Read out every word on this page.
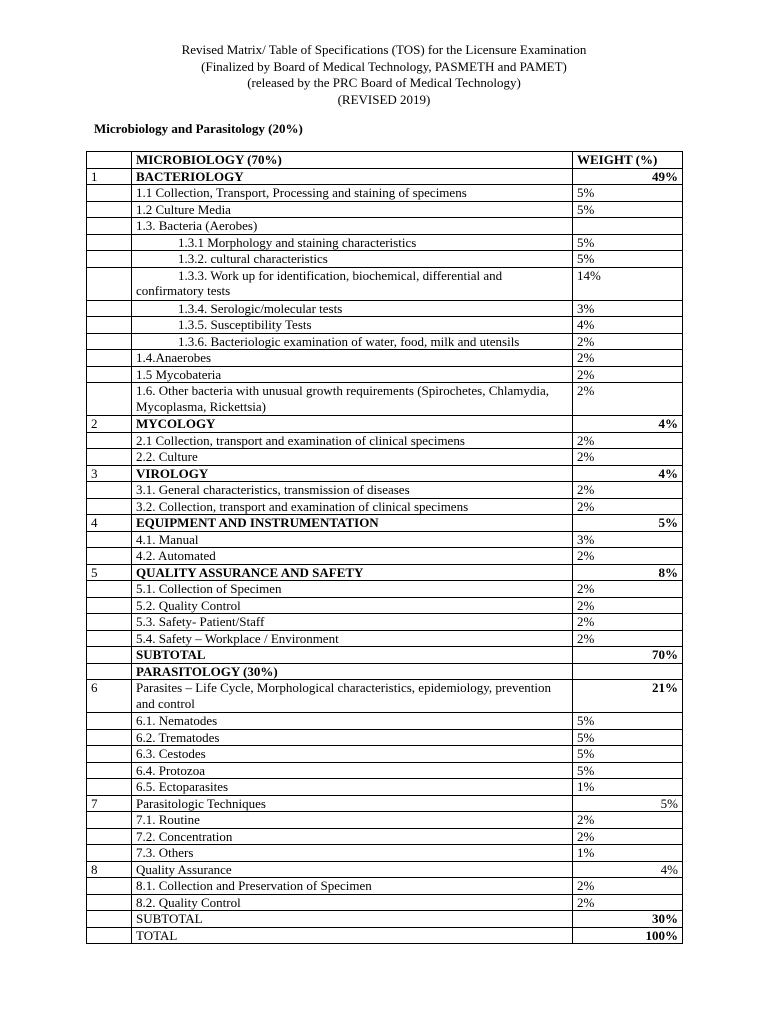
Revised Matrix/ Table of Specifications (TOS) for the Licensure Examination
(Finalized by Board of Medical Technology, PASMETH and PAMET)
(released by the PRC Board of Medical Technology)
(REVISED 2019)
Microbiology and Parasitology (20%)
	MICROBIOLOGY (70%)	WEIGHT (%)
1	BACTERIOLOGY	49%
	1.1 Collection, Transport, Processing and staining of specimens	5%
	1.2 Culture Media	5%
	1.3. Bacteria (Aerobes)	
	1.3.1 Morphology and staining characteristics	5%
	1.3.2. cultural characteristics	5%
	1.3.3. Work up for identification, biochemical, differential and confirmatory tests	14%
	1.3.4. Serologic/molecular tests	3%
	1.3.5. Susceptibility Tests	4%
	1.3.6. Bacteriologic examination of water, food, milk and utensils	2%
	1.4.Anaerobes	2%
	1.5 Mycobateria	2%
	1.6. Other bacteria with unusual growth requirements (Spirochetes, Chlamydia, Mycoplasma, Rickettsia)	2%
2	MYCOLOGY	4%
	2.1 Collection, transport and examination of clinical specimens	2%
	2.2. Culture	2%
3	VIROLOGY	4%
	3.1. General characteristics, transmission of diseases	2%
	3.2. Collection, transport and examination of clinical specimens	2%
4	EQUIPMENT AND INSTRUMENTATION	5%
	4.1. Manual	3%
	4.2. Automated	2%
5	QUALITY ASSURANCE AND SAFETY	8%
	5.1. Collection of Specimen	2%
	5.2. Quality Control	2%
	5.3. Safety- Patient/Staff	2%
	5.4. Safety – Workplace / Environment	2%
	SUBTOTAL	70%
	PARASITOLOGY (30%)	
6	Parasites – Life Cycle, Morphological characteristics, epidemiology, prevention and control	21%
	6.1. Nematodes	5%
	6.2. Trematodes	5%
	6.3. Cestodes	5%
	6.4. Protozoa	5%
	6.5. Ectoparasites	1%
7	Parasitologic Techniques	5%
	7.1. Routine	2%
	7.2. Concentration	2%
	7.3. Others	1%
8	Quality Assurance	4%
	8.1. Collection and Preservation of Specimen	2%
	8.2. Quality Control	2%
	SUBTOTAL	30%
	TOTAL	100%
